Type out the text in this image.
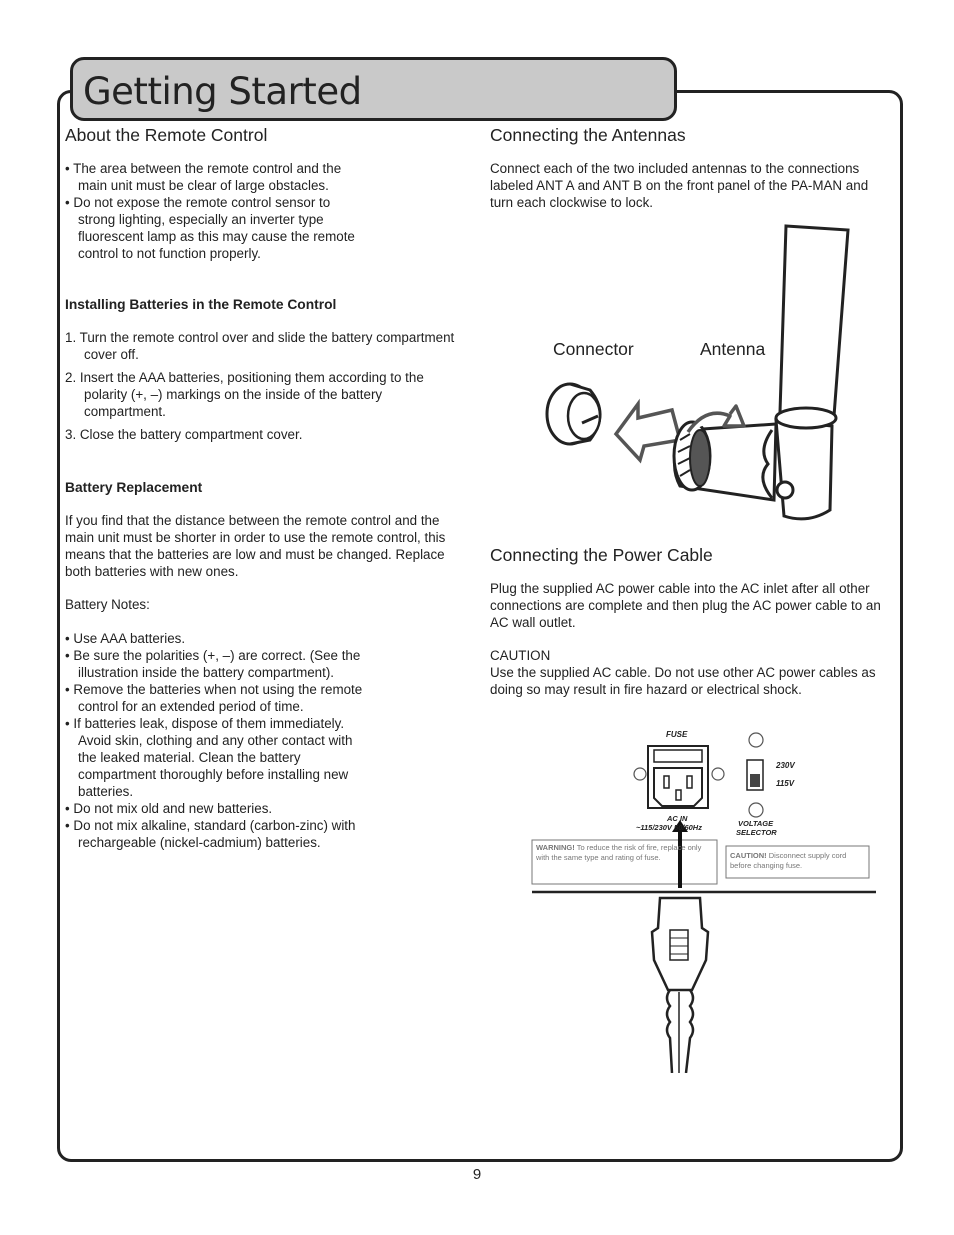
Getting Started
About the Remote Control
• The area between the remote control and the main unit must be clear of large obstacles.
• Do not expose the remote control sensor to strong lighting, especially an inverter type fluorescent lamp as this may cause the remote control to not function properly.
Installing Batteries in the Remote Control
1. Turn the remote control over and slide the battery compartment cover off.
2. Insert the AAA batteries, positioning them according to the polarity (+, –) markings on the inside of the battery compartment.
3. Close the battery compartment cover.
Battery Replacement

If you find that the distance between the remote control and the main unit must be shorter in order to use the remote control, this means that the batteries are low and must be changed. Replace both batteries with new ones.

Battery Notes:

• Use AAA batteries.
• Be sure the polarities (+, –) are correct. (See the illustration inside the battery compartment).
• Remove the batteries when not using the remote control for an extended period of time.
• If batteries leak, dispose of them immediately. Avoid skin, clothing and any other contact with the leaked material. Clean the battery compartment thoroughly before installing new batteries.
• Do not mix old and new batteries.
• Do not mix alkaline, standard (carbon-zinc) with rechargeable (nickel-cadmium) batteries.
Connecting the Antennas

Connect each of the two included antennas to the connections labeled ANT A and ANT B on the front panel of the PA-MAN and turn each clockwise to lock.

Connector	Antenna
Connecting the Power Cable

Plug the supplied AC power cable into the AC inlet after all other connections are complete and then plug the AC power cable to an AC wall outlet.

CAUTION

Use the supplied AC cable. Do not use other AC power cables as doing so may result in fire hazard or electrical shock.

FUSE
230V
115V
AC IN
~115/230V 50/60Hz	VOLTAGE
SELECTOR
WARNING! To reduce the risk of fire, replace only with the same type and rating of fuse.	CAUTION! Disconnect supply cord before changing fuse.
9
